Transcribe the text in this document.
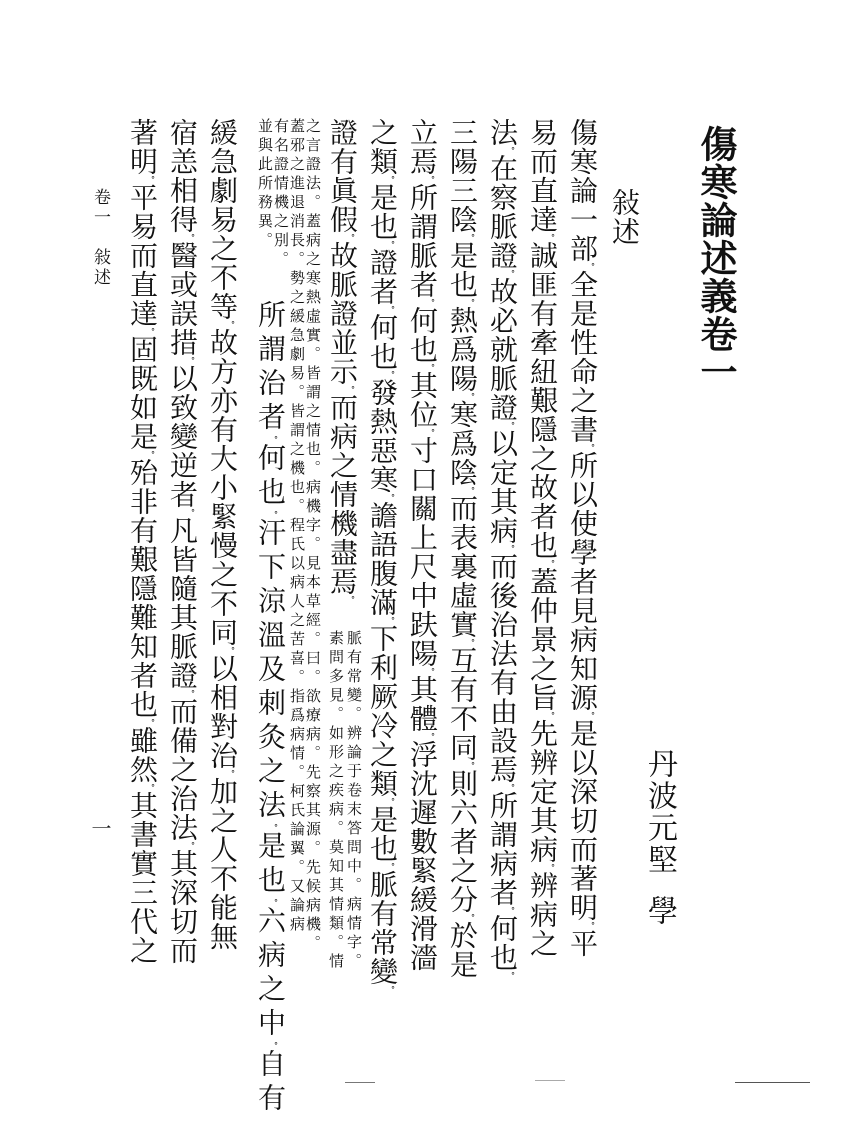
傷寒論述義卷一
丹波元堅
學
敍述
傷寒論一部°全是性命之書°所以使學者見病知源°是以深切而著明°平
易而直達°誠匪有牽紐艱隱之故者也°蓋仲景之旨°先辨定其病°辨病之
法°在察脈證°故必就脈證°以定其病°而後治法有由設焉°所謂病者°何也°
三陽三陰°是也°熱爲陽°寒爲陰°而表裏虛實°互有不同°則六者之分°於是
立焉°所謂脈者°何也°其位°寸口關上尺中趺陽°其體°浮沈遲數緊緩滑濇
之類°是也°證者°何也°發熱惡寒°譫語腹滿°下利厥冷之類°是也°脈有常變°
證有眞假°故脈證並示°而病之情機盡焉°
脈有常變。辨論于卷末答問中。病情字。
素問多見。如形之疾病。莫知其情類。情
之言證法。蓋病之寒熱虛實。皆謂之情也。病機字。見本草經。曰。欲療病。先察其源。先候病機。
蓋邪之進退消長。勢之緩急劇易。皆謂之機也。程氏以病人之苦喜。指爲病情。柯氏論翼。又論病
有名證情機之別。
並與此所務異。
所謂治者°何也°汗下涼溫及刺灸之法°是也°六病之中°自有
緩急劇易之不等°故方亦有大小緊慢之不同°以相對治°加之人不能無
宿恙相得°醫或誤措°以致變逆者°凡皆隨其脈證°而備之治法°其深切而
著明°平易而直達°固既如是°殆非有艱隱難知者也°雖然°其書實三代之
卷一　敍述
一
